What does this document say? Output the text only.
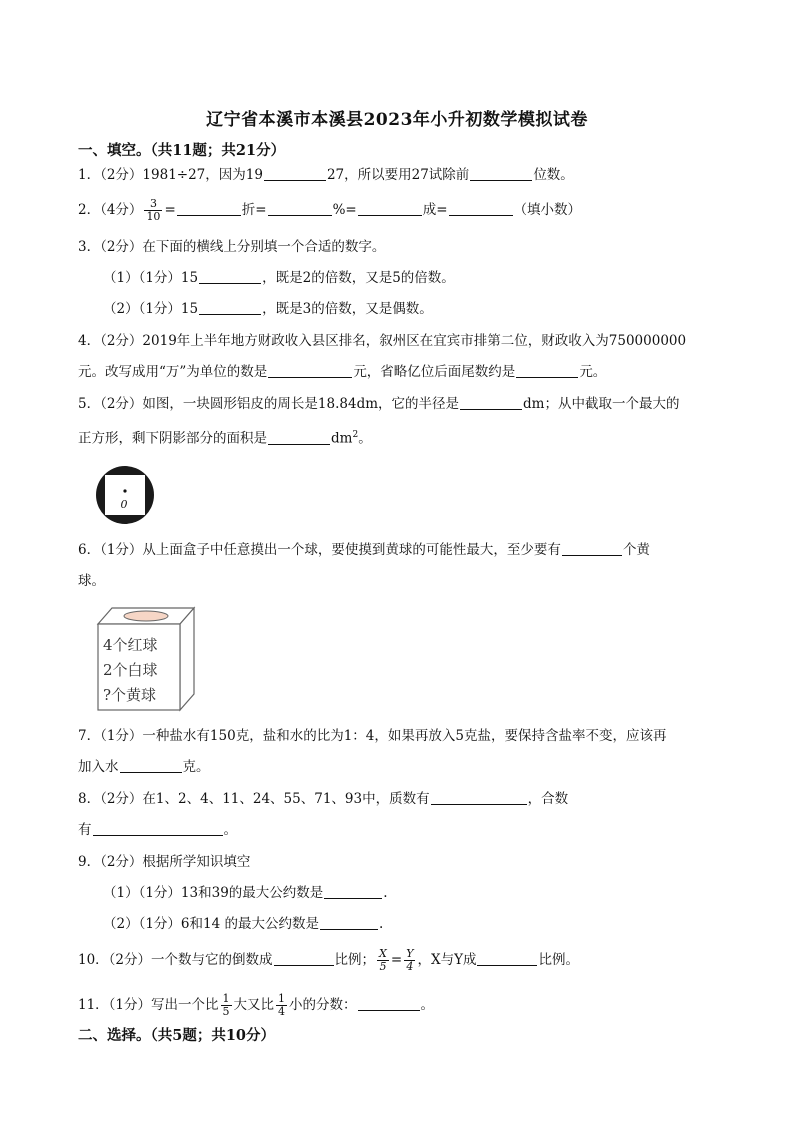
辽宁省本溪市本溪县2023年小升初数学模拟试卷
一、填空。（共11题；共21分）
1．（2分）1981÷27，因为19	27，所以要用27试除前	位数。
2．（4分） $\frac{3}{10}$ =	折=	%=	成=	（填小数）
3．（2分）在下面的横线上分别填一个合适的数字。
（1）（1分）15	，既是2的倍数，又是5的倍数。
（2）（1分）15	，既是3的倍数，又是偶数。
4．（2分）2019年上半年地方财政收入县区排名，叙州区在宜宾市排第二位，财政收入为750000000
元。改写成用“万”为单位的数是	元，省略亿位后面尾数约是	元。
5．（2分）如图，一块圆形铝皮的周长是18.84dm，它的半径是	dm；从中截取一个最大的
正方形，剩下阴影部分的面积是	$dm^2$。
0
6．（1分）从上面盒子中任意摸出一个球，要使摸到黄球的可能性最大，至少要有	个黄
球。
4个红球
2个白球
?个黄球
7．（1分）一种盐水有150克，盐和水的比为1：4，如果再放入5克盐，要保持含盐率不变，应该再
加入水	克。
8．（2分）在1、2、4、11、24、55、71、93中，质数有	，合数
有	。
9．（2分）根据所学知识填空
（1）（1分）13和39的最大公约数是	.
（2）（1分）6和14 的最大公约数是	.
10．（2分）一个数与它的倒数成	比例； $\frac{X}{5} = \frac{Y}{4}$ ，X与Y成	比例。
11．（1分）写出一个比 $\frac{1}{5}$ 大又比 $\frac{1}{4}$ 小的分数：	。
二、选择。（共5题；共10分）
